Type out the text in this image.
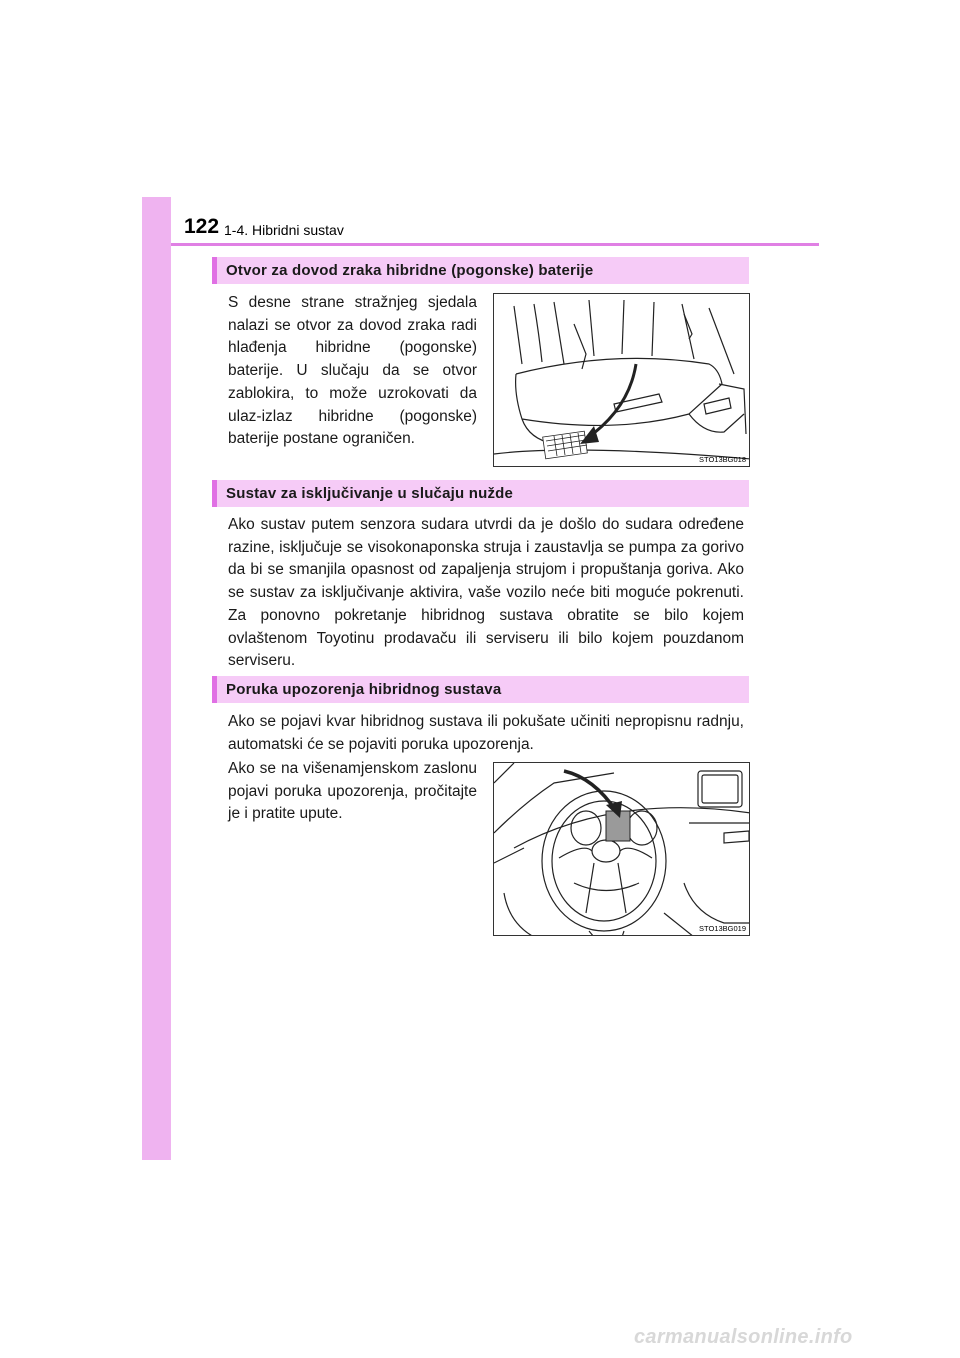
122 1-4. Hibridni sustav
Otvor za dovod zraka hibridne (pogonske) baterije

S desne strane stražnjeg sjedala nalazi se otvor za dovod zraka radi hlađenja hibridne (pogonske) baterije. U slučaju da se otvor zablokira, to može uzrokovati da ulaz-izlaz hibridne (pogonske) baterije postane ograničen.

STO13BG018
Sustav za isključivanje u slučaju nužde

Ako sustav putem senzora sudara utvrdi da je došlo do sudara određene razine, isključuje se visokonaponska struja i zaustavlja se pumpa za gorivo da bi se smanjila opasnost od zapaljenja strujom i propuštanja goriva. Ako se sustav za isključivanje aktivira, vaše vozilo neće biti moguće pokrenuti. Za ponovno pokretanje hibridnog sustava obratite se bilo kojem ovlaštenom Toyotinu prodavaču ili serviseru ili bilo kojem pouzdanom serviseru.

Poruka upozorenja hibridnog sustava

Ako se pojavi kvar hibridnog sustava ili pokušate učiniti nepropisnu radnju, automatski će se pojaviti poruka upozorenja.

Ako se na višenamjenskom zaslonu pojavi poruka upozorenja, pročitajte je i pratite upute.

STO13BG019
carmanualsonline.info
